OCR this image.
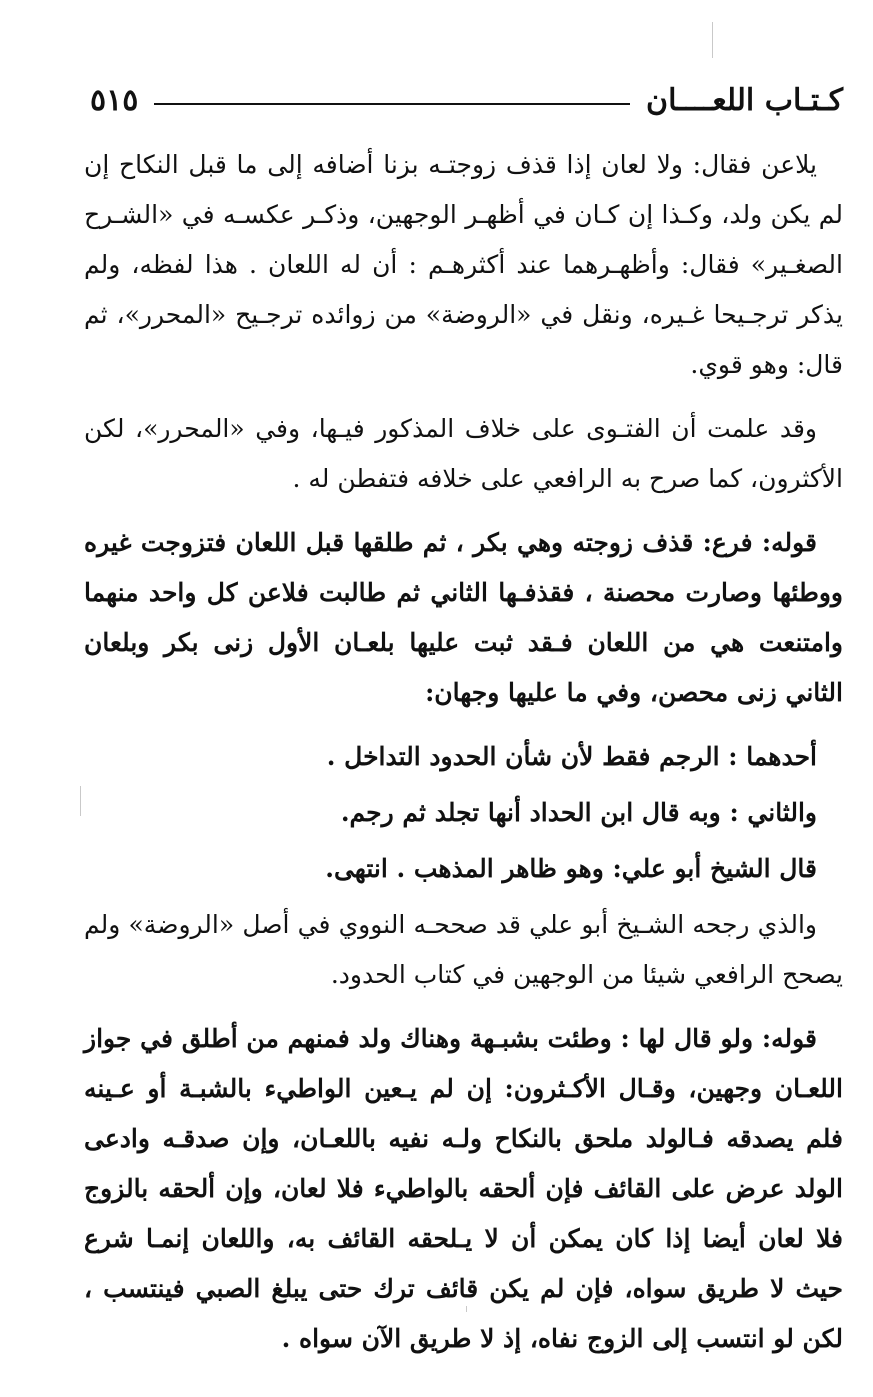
كـتـاب اللعــــان
٥١٥

يلاعن فقال: ولا لعان إذا قذف زوجتـه بزنا أضافه إلى ما قبل النكاح إن لم يكن ولد، وكـذا إن كـان في أظهـر الوجهين، وذكـر عكسـه في «الشـرح الصغـير» فقال: وأظهـرهما عند أكثرهـم : أن له اللعان . هذا لفظه، ولم يذكر ترجـيحا غـيره، ونقل في «الروضة» من زوائده ترجـيح «المحرر»، ثم قال: وهو قوي.

وقد علمت أن الفتـوى على خلاف المذكور فيـها، وفي «المحرر»، لكن الأكثرون، كما صرح به الرافعي على خلافه فتفطن له .

قوله: فرع: قذف زوجته وهي بكر ، ثم طلقها قبل اللعان فتزوجت غيره ووطئها وصارت محصنة ، فقذفـها الثاني ثم طالبت فلاعن كل واحد منهما وامتنعت هي من اللعان فـقد ثبت عليها بلعـان الأول زنى بكر وبلعان الثاني زنى محصن، وفي ما عليها وجهان:

أحدهما : الرجم فقط لأن شأن الحدود التداخل .

والثاني : وبه قال ابن الحداد أنها تجلد ثم رجم.

قال الشيخ أبو علي: وهو ظاهر المذهب . انتهى.

والذي رجحه الشـيخ أبو علي قد صححـه النووي في أصل «الروضة» ولم يصحح الرافعي شيئا من الوجهين في كتاب الحدود.

قوله: ولو قال لها : وطئت بشبـهة وهناك ولد فمنهم من أطلق في جواز اللعـان وجهين، وقـال الأكـثرون: إن لم يـعين الواطيء بالشبـة أو عـينه فلم يصدقه فـالولد ملحق بالنكاح ولـه نفيه باللعـان، وإن صدقـه وادعى الولد عرض على القائف فإن ألحقه بالواطيء فلا لعان، وإن ألحقه بالزوج فلا لعان أيضا إذا كان يمكن أن لا يـلحقه القائف به، واللعان إنمـا شرع حيث لا طريق سواه، فإن لم يكن قائف ترك حتى يبلغ الصبي فينتسب ، لكن لو انتسب إلى الزوج نفاه، إذ لا طريق الآن سواه .
